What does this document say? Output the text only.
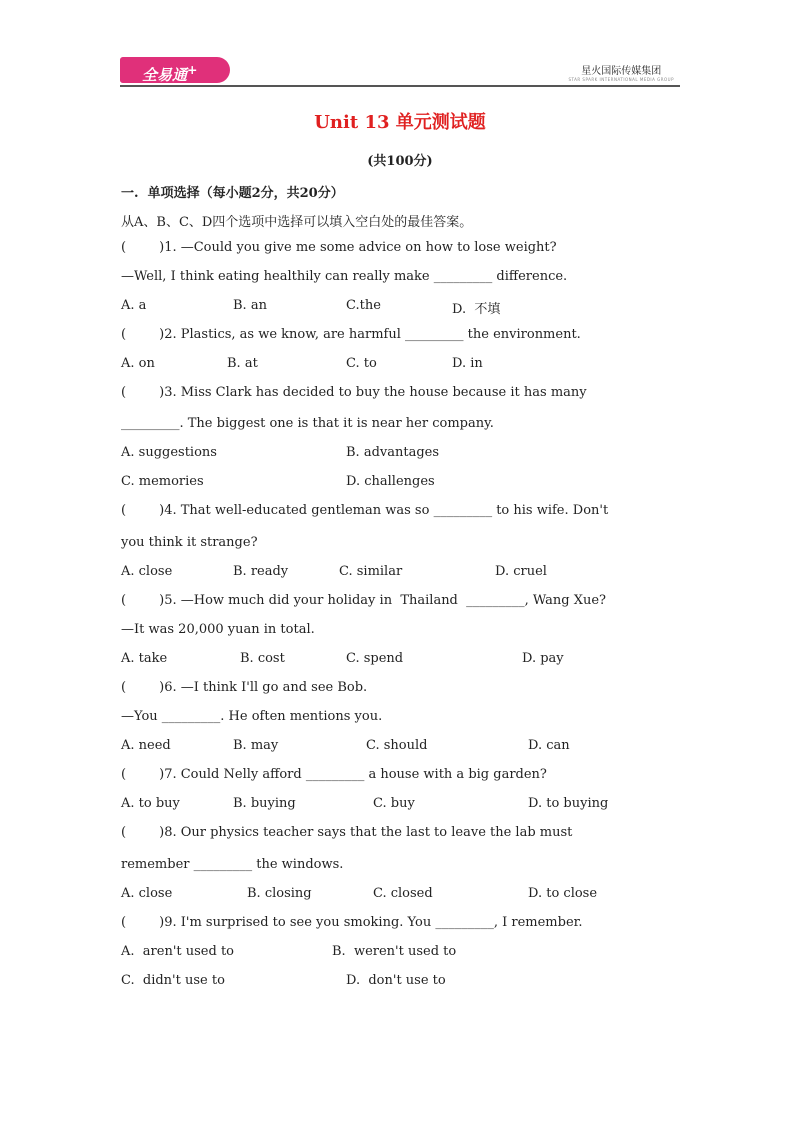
全易通+	星火国际传媒集团
STAR SPARK INTERNATIONAL MEDIA GROUP
Unit 13 单元测试题
(共100分)
一.  单项选择（每小题2分，共20分）
从A、B、C、D四个选项中选择可以填入空白处的最佳答案。
(        )1. —Could you give me some advice on how to lose weight?
—Well, I think eating healthily can really make _________ difference.
A. a	B. an	C.the	D.  不填
(        )2. Plastics, as we know, are harmful _________ the environment.
A. on	B. at	C. to	D. in
(        )3. Miss Clark has decided to buy the house because it has many
_________. The biggest one is that it is near her company.
A. suggestions	B. advantages
C. memories	D. challenges
(        )4. That well-educated gentleman was so _________ to his wife. Don't
you think it strange?
A. close	B. ready	C. similar	D. cruel
(        )5. —How much did your holiday in  Thailand  _________, Wang Xue?
—It was 20,000 yuan in total.
A. take	B. cost	C. spend	D. pay
(        )6. —I think I'll go and see Bob.
—You _________. He often mentions you.
A. need	B. may	C. should	D. can
(        )7. Could Nelly afford _________ a house with a big garden?
A. to buy	B. buying	C. buy	D. to buying
(        )8. Our physics teacher says that the last to leave the lab must
remember _________ the windows.
A. close	B. closing	C. closed	D. to close
(        )9. I'm surprised to see you smoking. You _________, I remember.
A.  aren't used to	B.  weren't used to
C.  didn't use to	D.  don't use to
